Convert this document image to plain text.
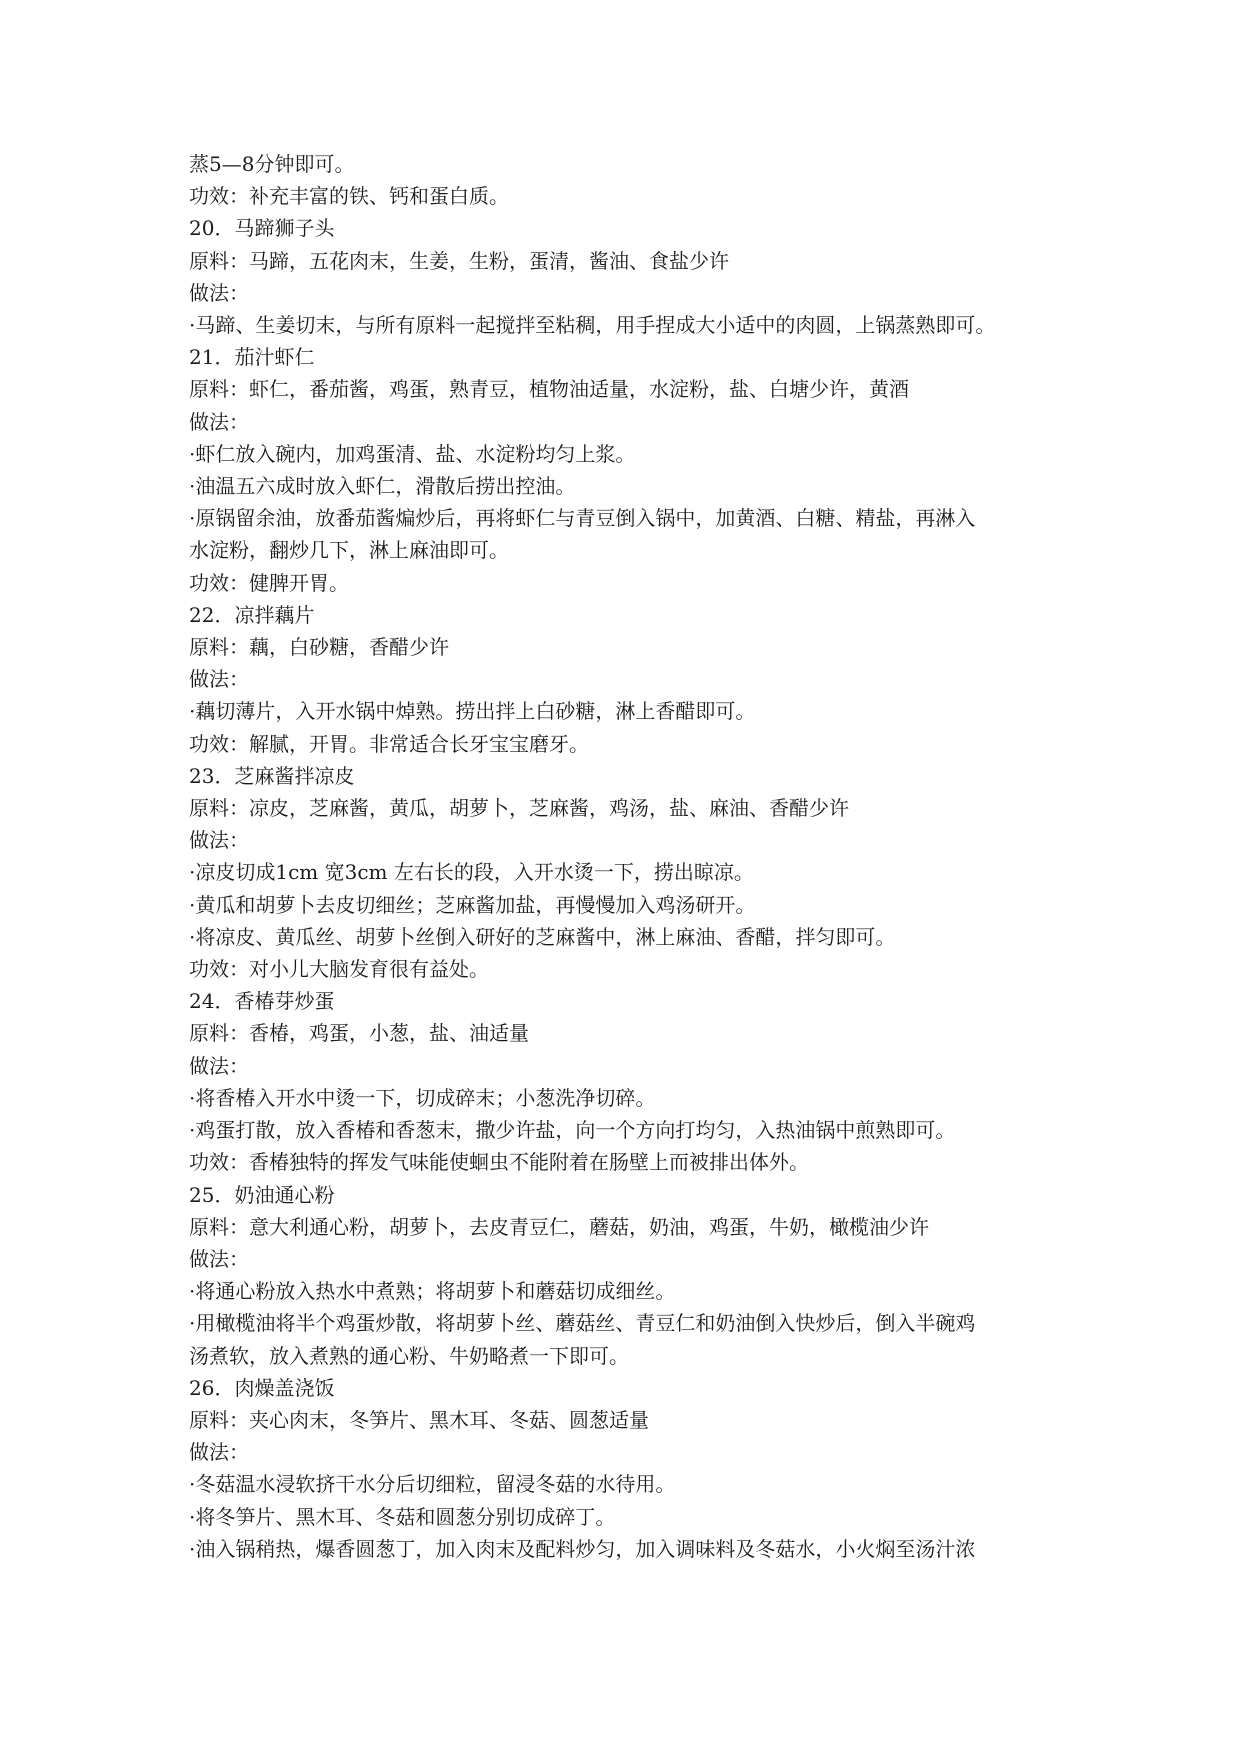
蒸5—8分钟即可。

功效：补充丰富的铁、钙和蛋白质。

20．马蹄狮子头

原料：马蹄，五花肉末，生姜，生粉，蛋清，酱油、食盐少许

做法：

·马蹄、生姜切末，与所有原料一起搅拌至粘稠，用手捏成大小适中的肉圆，上锅蒸熟即可。

21．茄汁虾仁

原料：虾仁，番茄酱，鸡蛋，熟青豆，植物油适量，水淀粉，盐、白塘少许，黄酒

做法：

·虾仁放入碗内，加鸡蛋清、盐、水淀粉均匀上浆。

·油温五六成时放入虾仁，滑散后捞出控油。

·原锅留余油，放番茄酱煸炒后，再将虾仁与青豆倒入锅中，加黄酒、白糖、精盐，再淋入

水淀粉，翻炒几下，淋上麻油即可。

功效：健脾开胃。

22．凉拌藕片

原料：藕，白砂糖，香醋少许

做法：

·藕切薄片，入开水锅中焯熟。捞出拌上白砂糖，淋上香醋即可。

功效：解腻，开胃。非常适合长牙宝宝磨牙。

23．芝麻酱拌凉皮

原料：凉皮，芝麻酱，黄瓜，胡萝卜，芝麻酱，鸡汤，盐、麻油、香醋少许

做法：

·凉皮切成1cm 宽3cm 左右长的段，入开水烫一下，捞出晾凉。

·黄瓜和胡萝卜去皮切细丝；芝麻酱加盐，再慢慢加入鸡汤研开。

·将凉皮、黄瓜丝、胡萝卜丝倒入研好的芝麻酱中，淋上麻油、香醋，拌匀即可。

功效：对小儿大脑发育很有益处。

24．香椿芽炒蛋

原料：香椿，鸡蛋，小葱，盐、油适量

做法：

·将香椿入开水中烫一下，切成碎末；小葱洗净切碎。

·鸡蛋打散，放入香椿和香葱末，撒少许盐，向一个方向打均匀，入热油锅中煎熟即可。

功效：香椿独特的挥发气味能使蛔虫不能附着在肠壁上而被排出体外。

25．奶油通心粉

原料：意大利通心粉，胡萝卜，去皮青豆仁，蘑菇，奶油，鸡蛋，牛奶，橄榄油少许

做法：

·将通心粉放入热水中煮熟；将胡萝卜和蘑菇切成细丝。

·用橄榄油将半个鸡蛋炒散，将胡萝卜丝、蘑菇丝、青豆仁和奶油倒入快炒后，倒入半碗鸡

汤煮软，放入煮熟的通心粉、牛奶略煮一下即可。

26．肉燥盖浇饭

原料：夹心肉末，冬笋片、黑木耳、冬菇、圆葱适量

做法：

·冬菇温水浸软挤干水分后切细粒，留浸冬菇的水待用。

·将冬笋片、黑木耳、冬菇和圆葱分别切成碎丁。

·油入锅稍热，爆香圆葱丁，加入肉末及配料炒匀，加入调味料及冬菇水，小火焖至汤汁浓
